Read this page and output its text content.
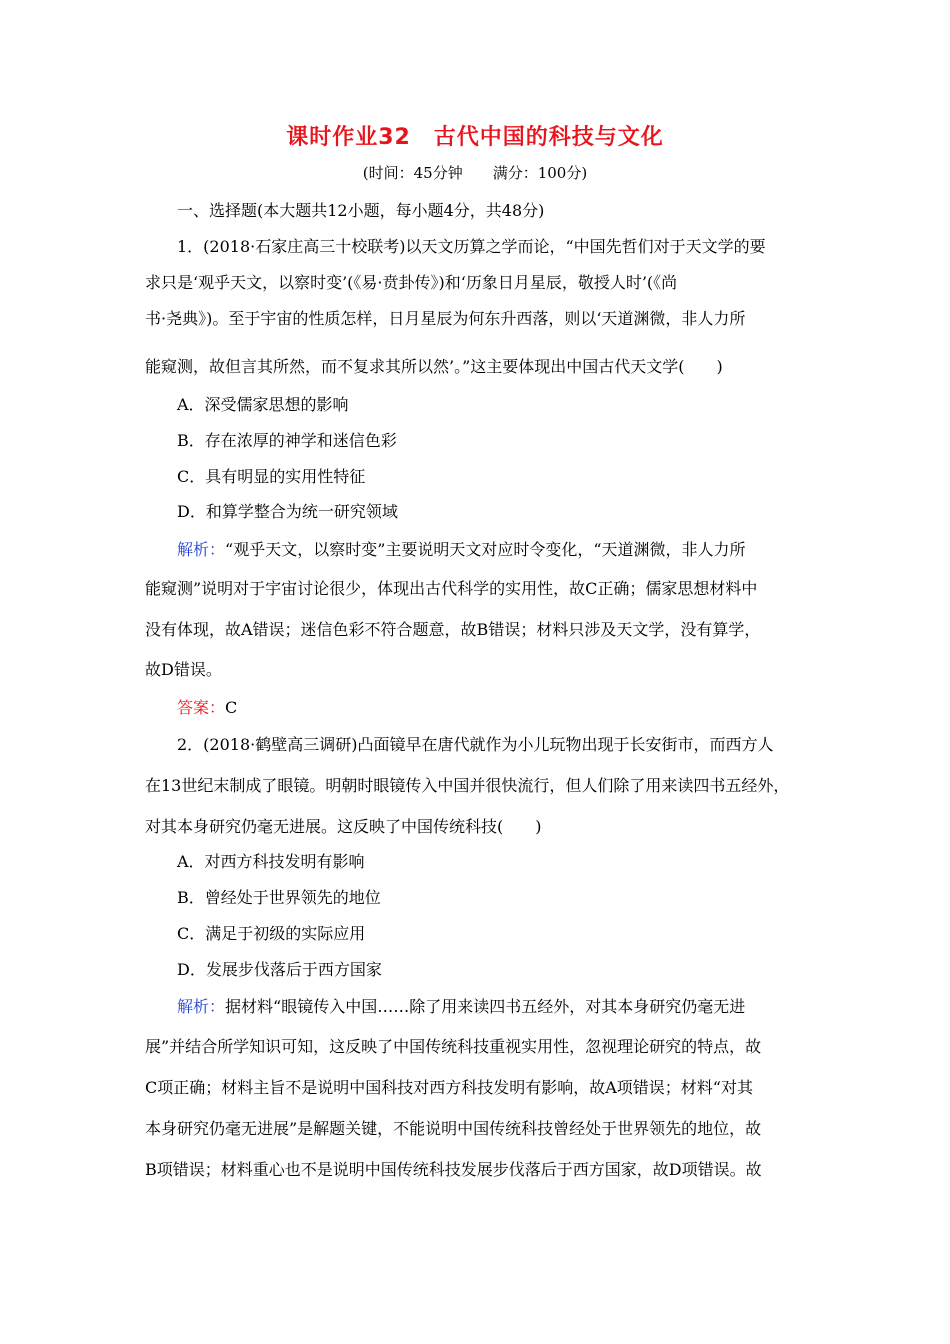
课时作业32　古代中国的科技与文化
(时间：45分钟　　满分：100分)
一、选择题(本大题共12小题，每小题4分，共48分)
1．(2018·石家庄高三十校联考)以天文历算之学而论，“中国先哲们对于天文学的要
求只是‘观乎天文，以察时变’(《易·贲卦传》)和‘历象日月星辰，敬授人时’(《尚
书·尧典》)。至于宇宙的性质怎样，日月星辰为何东升西落，则以‘天道渊微，非人力所
能窥测，故但言其所然，而不复求其所以然’。”这主要体现出中国古代天文学(　　)
A．深受儒家思想的影响
B．存在浓厚的神学和迷信色彩
C．具有明显的实用性特征
D．和算学整合为统一研究领域
解析：“观乎天文，以察时变”主要说明天文对应时令变化，“天道渊微，非人力所
能窥测”说明对于宇宙讨论很少，体现出古代科学的实用性，故C正确；儒家思想材料中
没有体现，故A错误；迷信色彩不符合题意，故B错误；材料只涉及天文学，没有算学，
故D错误。
答案：C
2．(2018·鹤壁高三调研)凸面镜早在唐代就作为小儿玩物出现于长安街市，而西方人
在13世纪末制成了眼镜。明朝时眼镜传入中国并很快流行，但人们除了用来读四书五经外，
对其本身研究仍毫无进展。这反映了中国传统科技(　　)
A．对西方科技发明有影响
B．曾经处于世界领先的地位
C．满足于初级的实际应用
D．发展步伐落后于西方国家
解析：据材料“眼镜传入中国……除了用来读四书五经外，对其本身研究仍毫无进
展”并结合所学知识可知，这反映了中国传统科技重视实用性，忽视理论研究的特点，故
C项正确；材料主旨不是说明中国科技对西方科技发明有影响，故A项错误；材料“对其
本身研究仍毫无进展”是解题关键，不能说明中国传统科技曾经处于世界领先的地位，故
B项错误；材料重心也不是说明中国传统科技发展步伐落后于西方国家，故D项错误。故
